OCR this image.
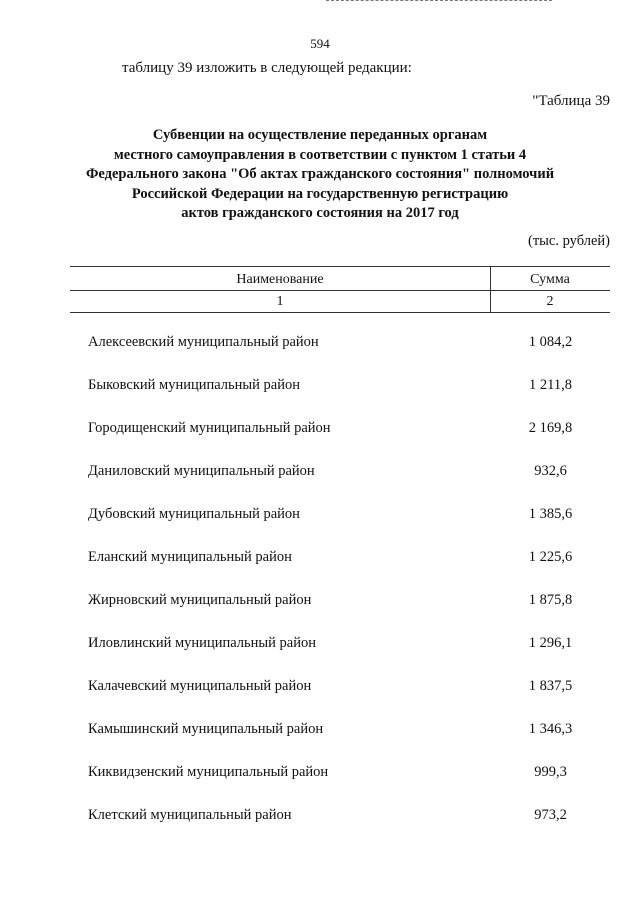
594
таблицу 39 изложить в следующей редакции:
"Таблица 39
Субвенции на осуществление переданных органам
местного самоуправления в соответствии с пунктом 1 статьи 4
Федерального закона "Об актах гражданского состояния" полномочий
Российской Федерации на государственную регистрацию
актов гражданского состояния на 2017 год
(тыс. рублей)
Наименование	Сумма
1	2
Алексеевский муниципальный район	1 084,2
Быковский муниципальный район	1 211,8
Городищенский муниципальный район	2 169,8
Даниловский муниципальный район	932,6
Дубовский муниципальный район	1 385,6
Еланский муниципальный район	1 225,6
Жирновский муниципальный район	1 875,8
Иловлинский муниципальный район	1 296,1
Калачевский муниципальный район	1 837,5
Камышинский муниципальный район	1 346,3
Киквидзенский муниципальный район	999,3
Клетский муниципальный район	973,2
